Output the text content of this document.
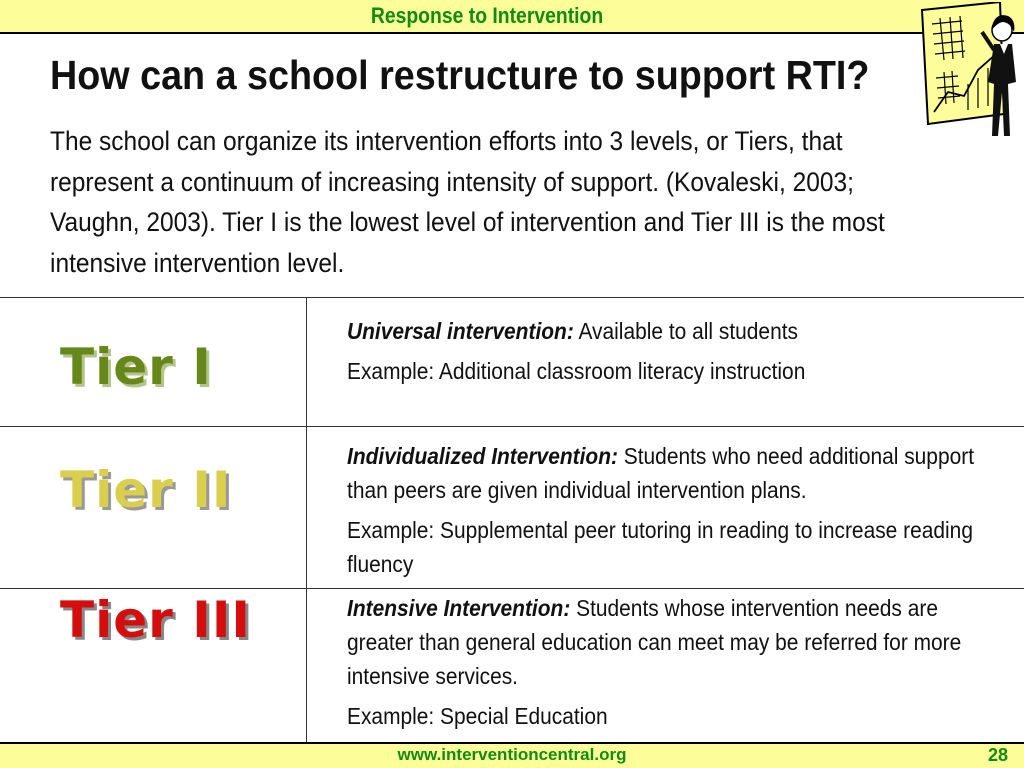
Response to Intervention
How can a school restructure to support RTI?

The school can organize its intervention efforts into 3 levels, or Tiers, that represent a continuum of increasing intensity of support. (Kovaleski, 2003; Vaughn, 2003). Tier I is the lowest level of intervention and Tier III is the most intensive intervention level.

Tier I
Universal intervention: Available to all students
Example: Additional classroom literacy instruction
Tier II
Individualized Intervention: Students who need additional support than peers are given individual intervention plans.
Example: Supplemental peer tutoring in reading to increase reading fluency
Tier III	Intensive Intervention: Students whose intervention needs are greater than general education can meet may be referred for more intensive services.
Example: Special Education
www.interventioncentral.org	28
